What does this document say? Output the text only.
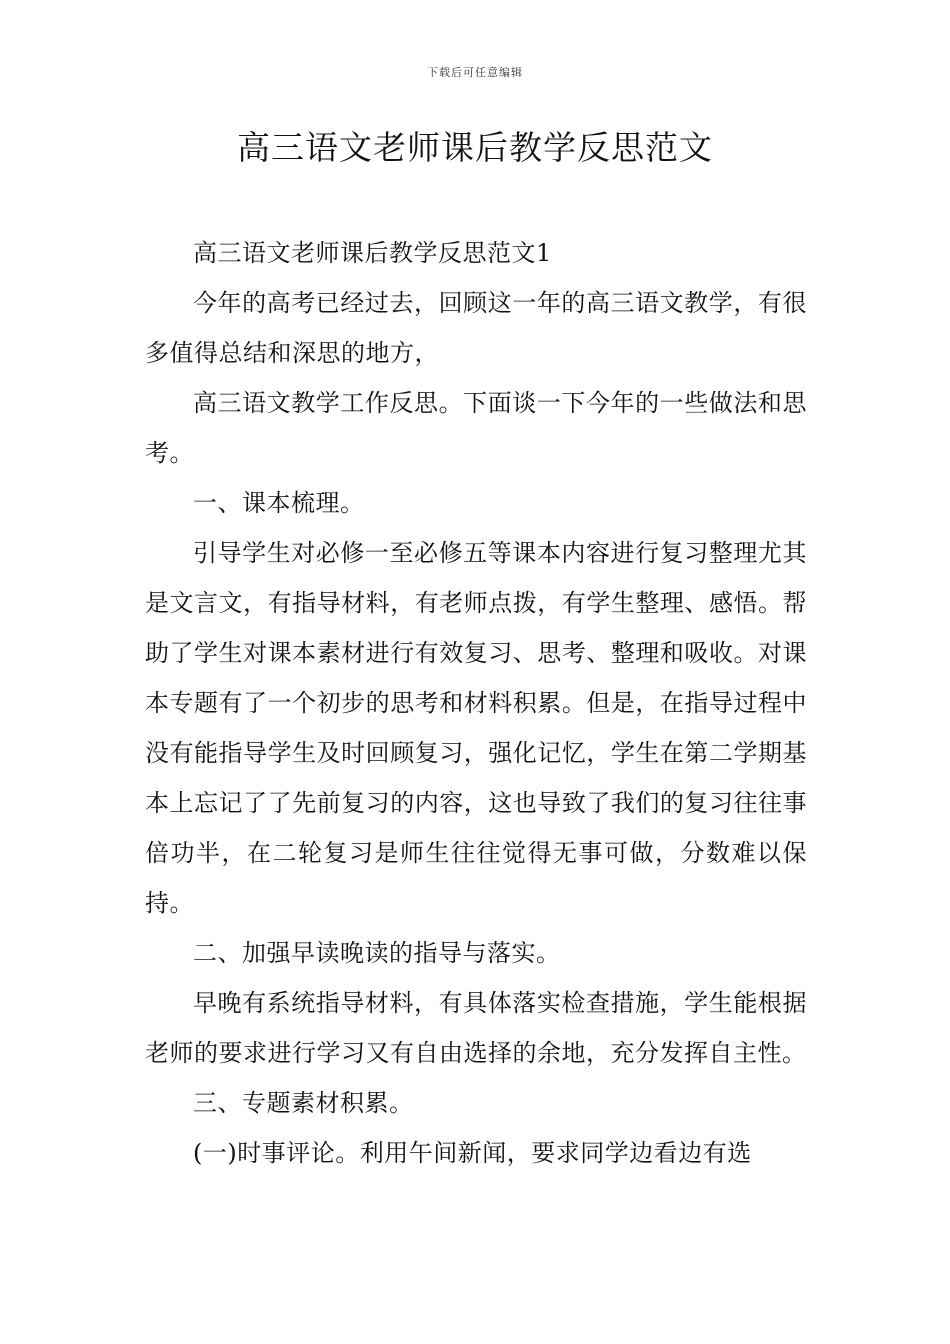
下载后可任意编辑
高三语文老师课后教学反思范文

高三语文老师课后教学反思范文1

今年的高考已经过去，回顾这一年的高三语文教学，有很多值得总结和深思的地方，

高三语文教学工作反思。下面谈一下今年的一些做法和思考。

一、课本梳理。

引导学生对必修一至必修五等课本内容进行复习整理尤其是文言文，有指导材料，有老师点拨，有学生整理、感悟。帮助了学生对课本素材进行有效复习、思考、整理和吸收。对课本专题有了一个初步的思考和材料积累。但是，在指导过程中没有能指导学生及时回顾复习，强化记忆，学生在第二学期基本上忘记了了先前复习的内容，这也导致了我们的复习往往事倍功半，在二轮复习是师生往往觉得无事可做，分数难以保持。

二、加强早读晚读的指导与落实。

早晚有系统指导材料，有具体落实检查措施，学生能根据老师的要求进行学习又有自由选择的余地，充分发挥自主性。

三、专题素材积累。

(一)时事评论。利用午间新闻，要求同学边看边有选
